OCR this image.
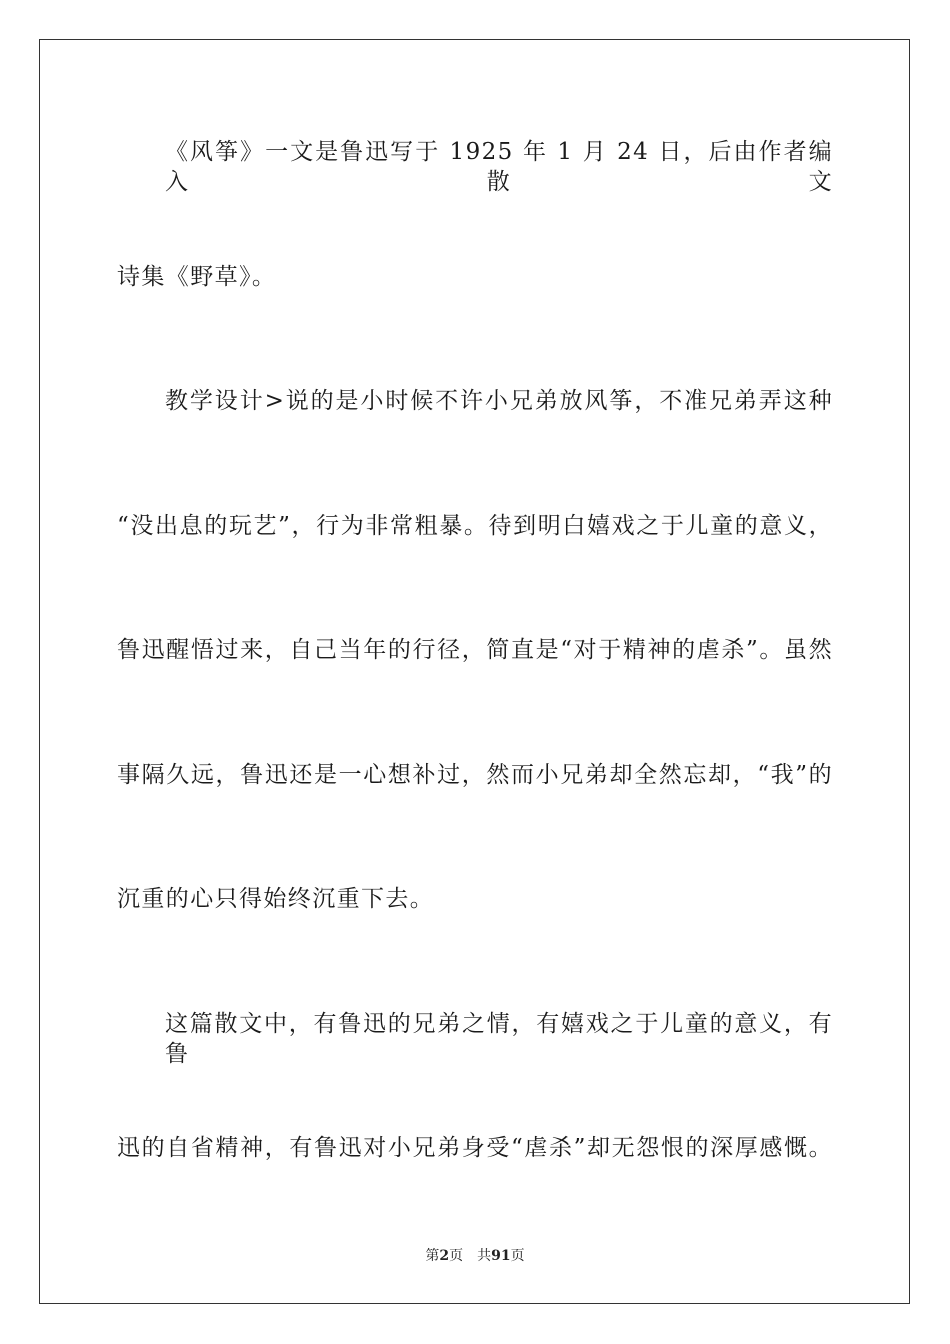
《风筝》一文是鲁迅写于 1925 年 1 月 24 日，后由作者编入散文
诗集《野草》。
教学设计>说的是小时候不许小兄弟放风筝，不准兄弟弄这种
“没出息的玩艺”，行为非常粗暴。待到明白嬉戏之于儿童的意义，
鲁迅醒悟过来，自己当年的行径，简直是“对于精神的虐杀”。虽然
事隔久远，鲁迅还是一心想补过，然而小兄弟却全然忘却，“我”的
沉重的心只得始终沉重下去。
这篇散文中，有鲁迅的兄弟之情，有嬉戏之于儿童的意义，有鲁
迅的自省精神，有鲁迅对小兄弟身受“虐杀”却无怨恨的深厚感慨。
第2页 共91页
